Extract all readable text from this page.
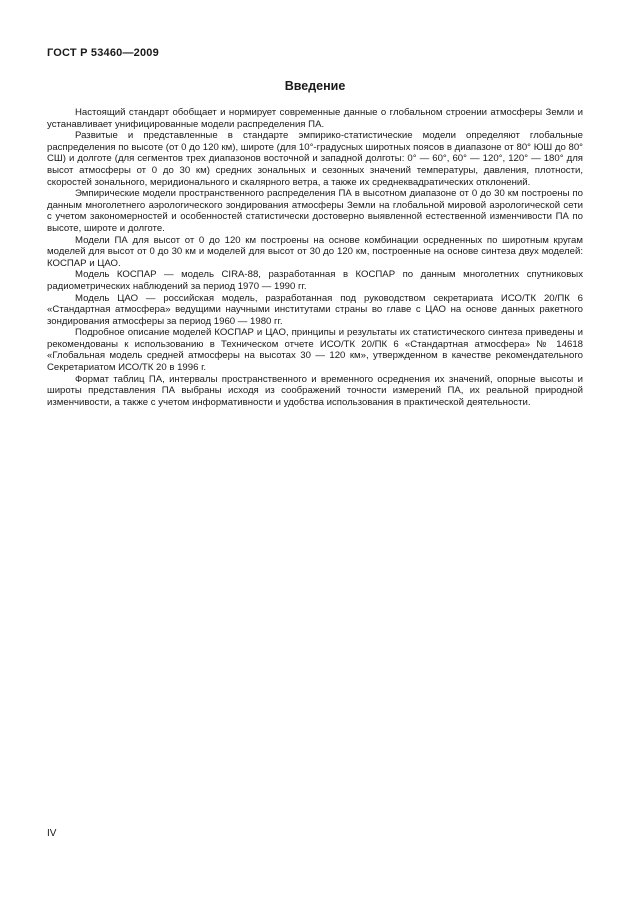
ГОСТ Р 53460—2009
Введение

Настоящий стандарт обобщает и нормирует современные данные о глобальном строении атмосферы Земли и устанавливает унифицированные модели распределения ПА.

Развитые и представленные в стандарте эмпирико-статистические модели определяют глобальные распределения по высоте (от 0 до 120 км), широте (для 10°-градусных широтных поясов в диапазоне от 80° ЮШ до 80° СШ) и долготе (для сегментов трех диапазонов восточной и западной долготы: 0° — 60°, 60° — 120°, 120° — 180° для высот атмосферы от 0 до 30 км) средних зональных и сезонных значений температуры, давления, плотности, скоростей зонального, меридионального и скалярного ветра, а также их среднеквадратических отклонений.

Эмпирические модели пространственного распределения ПА в высотном диапазоне от 0 до 30 км построены по данным многолетнего аэрологического зондирования атмосферы Земли на глобальной мировой аэрологической сети с учетом закономерностей и особенностей статистически достоверно выявленной естественной изменчивости ПА по высоте, широте и долготе.

Модели ПА для высот от 0 до 120 км построены на основе комбинации осредненных по широтным кругам моделей для высот от 0 до 30 км и моделей для высот от 30 до 120 км, построенные на основе синтеза двух моделей: КОСПАР и ЦАО.

Модель КОСПАР — модель CIRA-88, разработанная в КОСПАР по данным многолетних спутниковых радиометрических наблюдений за период 1970 — 1990 гг.

Модель ЦАО — российская модель, разработанная под руководством секретариата ИСО/ТК 20/ПК 6 «Стандартная атмосфера» ведущими научными институтами страны во главе с ЦАО на основе данных ракетного зондирования атмосферы за период 1960 — 1980 гг.

Подробное описание моделей КОСПАР и ЦАО, принципы и результаты их статистического синтеза приведены и рекомендованы к использованию в Техническом отчете ИСО/ТК 20/ПК 6 «Стандартная атмосфера» № 14618 «Глобальная модель средней атмосферы на высотах 30 — 120 км», утвержденном в качестве рекомендательного Секретариатом ИСО/ТК 20 в 1996 г.

Формат таблиц ПА, интервалы пространственного и временного осреднения их значений, опорные высоты и широты представления ПА выбраны исходя из соображений точности измерений ПА, их реальной природной изменчивости, а также с учетом информативности и удобства использования в практической деятельности.

IV
